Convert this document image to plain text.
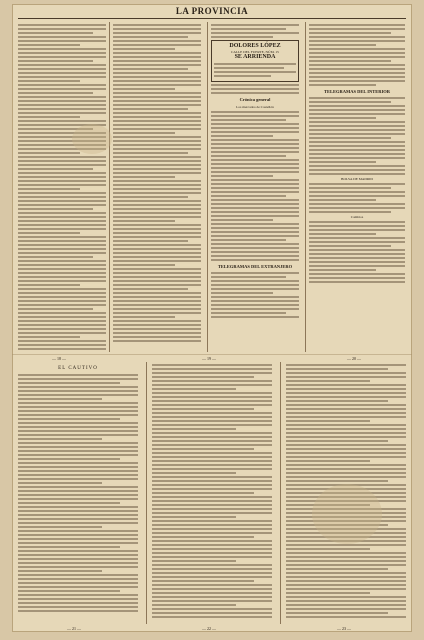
LA PROVINCIA
DOLORES LÓPEZ
CALLE DEL FUERTE, NÚM. 15
SE ARRIENDA
Crónica general
Los mercados de Castellón
TELEGRAMAS DEL EXTRANJERO
TELEGRAMAS DEL INTERIOR
BOLSA DE MADRID
Cambios
— 18 —	— 19 —	— 20 —
EL CAUTIVO
— 21 —	— 22 —	— 23 —
